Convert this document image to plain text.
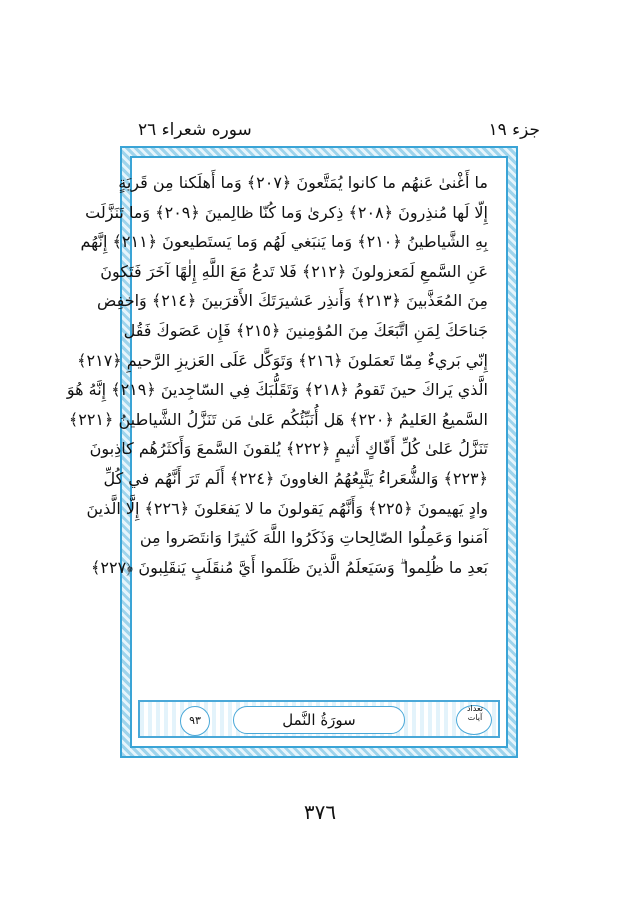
سوره شعراء ٢٦	جزء ١٩
ما أَغْنىٰ عَنهُم ما كانوا يُمَتَّعونَ ﴿٢٠٧﴾ وَما أَهلَكنا مِن قَريَةٍ
إِلّا لَها مُنذِرونَ ﴿٢٠٨﴾ ذِكرىٰ وَما كُنّا ظالِمينَ ﴿٢٠٩﴾ وَما تَنَزَّلَت
بِهِ الشَّياطينُ ﴿٢١٠﴾ وَما يَنبَغي لَهُم وَما يَستَطيعونَ ﴿٢١١﴾ إِنَّهُم
عَنِ السَّمعِ لَمَعزولونَ ﴿٢١٢﴾ فَلا تَدعُ مَعَ اللَّهِ إِلٰهًا آخَرَ فَتَكونَ
مِنَ المُعَذَّبينَ ﴿٢١٣﴾ وَأَنذِر عَشيرَتَكَ الأَقرَبينَ ﴿٢١٤﴾ وَاخفِض
جَناحَكَ لِمَنِ اتَّبَعَكَ مِنَ المُؤمِنينَ ﴿٢١٥﴾ فَإِن عَصَوكَ فَقُل
إِنّي بَريءٌ مِمّا تَعمَلونَ ﴿٢١٦﴾ وَتَوَكَّل عَلَى العَزيزِ الرَّحيمِ ﴿٢١٧﴾
الَّذي يَراكَ حينَ تَقومُ ﴿٢١٨﴾ وَتَقَلُّبَكَ فِي السّاجِدينَ ﴿٢١٩﴾ إِنَّهُ هُوَ
السَّميعُ العَليمُ ﴿٢٢٠﴾ هَل أُنَبِّئُكُم عَلىٰ مَن تَنَزَّلُ الشَّياطينُ ﴿٢٢١﴾
تَنَزَّلُ عَلىٰ كُلِّ أَفّاكٍ أَثيمٍ ﴿٢٢٢﴾ يُلقونَ السَّمعَ وَأَكثَرُهُم كاذِبونَ
﴿٢٢٣﴾ وَالشُّعَراءُ يَتَّبِعُهُمُ الغاوونَ ﴿٢٢٤﴾ أَلَم تَرَ أَنَّهُم في كُلِّ
وادٍ يَهيمونَ ﴿٢٢٥﴾ وَأَنَّهُم يَقولونَ ما لا يَفعَلونَ ﴿٢٢٦﴾ إِلَّا الَّذينَ
آمَنوا وَعَمِلُوا الصّالِحاتِ وَذَكَرُوا اللَّهَ كَثيرًا وَانتَصَروا مِن
بَعدِ ما ظُلِموا ۗ وَسَيَعلَمُ الَّذينَ ظَلَموا أَيَّ مُنقَلَبٍ يَنقَلِبونَ ﴿٢٢٧﴾
تعداد آيات
سورَةُ النَّمل
٩٣
٣٧٦
